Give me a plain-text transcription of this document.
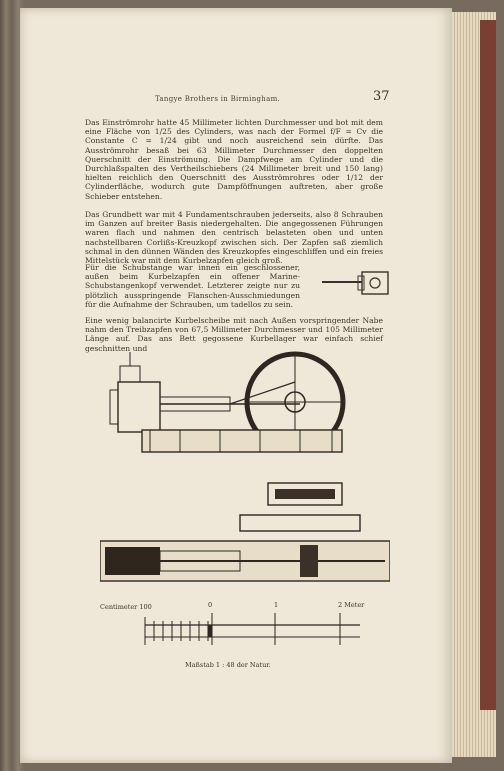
Tangye Brothers in Birmingham.	37

Das Einströmrohr hatte 45 Millimeter lichten Durchmesser und bot mit dem eine Fläche von 1/25 des Cylinders, was nach der Formel f/F = Cv die Constante C = 1/24 gibt und noch ausreichend sein dürfte. Das Ausströmrohr besaß bei 63 Millimeter Durchmesser den doppelten Querschnitt der Einströmung. Die Dampfwege am Cylinder und die Durchlaßspalten des Vertheilschiebers (24 Millimeter breit und 150 lang) hielten reichlich den Querschnitt des Ausströmrohres oder 1/12 der Cylinderfläche, wodurch gute Dampföffnungen auftreten, aber große Schieber entstehen.

Das Grundbett war mit 4 Fundamentschrauben jederseits, also 8 Schrauben im Ganzen auf breiter Basis niedergehalten. Die angegossenen Führungen waren flach und nahmen den centrisch belasteten oben und unten nachstellbaren Corlißs-Kreuzkopf zwischen sich. Der Zapfen saß ziemlich schmal in den dünnen Wänden des Kreuzkopfes eingeschliffen und ein freies Mittelstück war mit dem Kurbelzapfen gleich groß.

Für die Schubstange war innen ein geschlossener, außen beim Kurbelzapfen ein offener Marine-Schubstangenkopf verwendet. Letzterer zeigte nur zu plötzlich ausspringende Flanschen-Ausschmiedungen für die Aufnahme der Schrauben, um tadellos zu sein.

Eine wenig balancirte Kurbelscheibe mit nach Außen vorspringender Nabe nahm den Treibzapfen von 67,5 Millimeter Durchmesser und 105 Millimeter Länge auf. Das ans Bett gegossene Kurbellager war einfach schief geschnitten und

Centimeter 100	0	1	2 Meter
Maßstab 1 : 48 der Natur.
